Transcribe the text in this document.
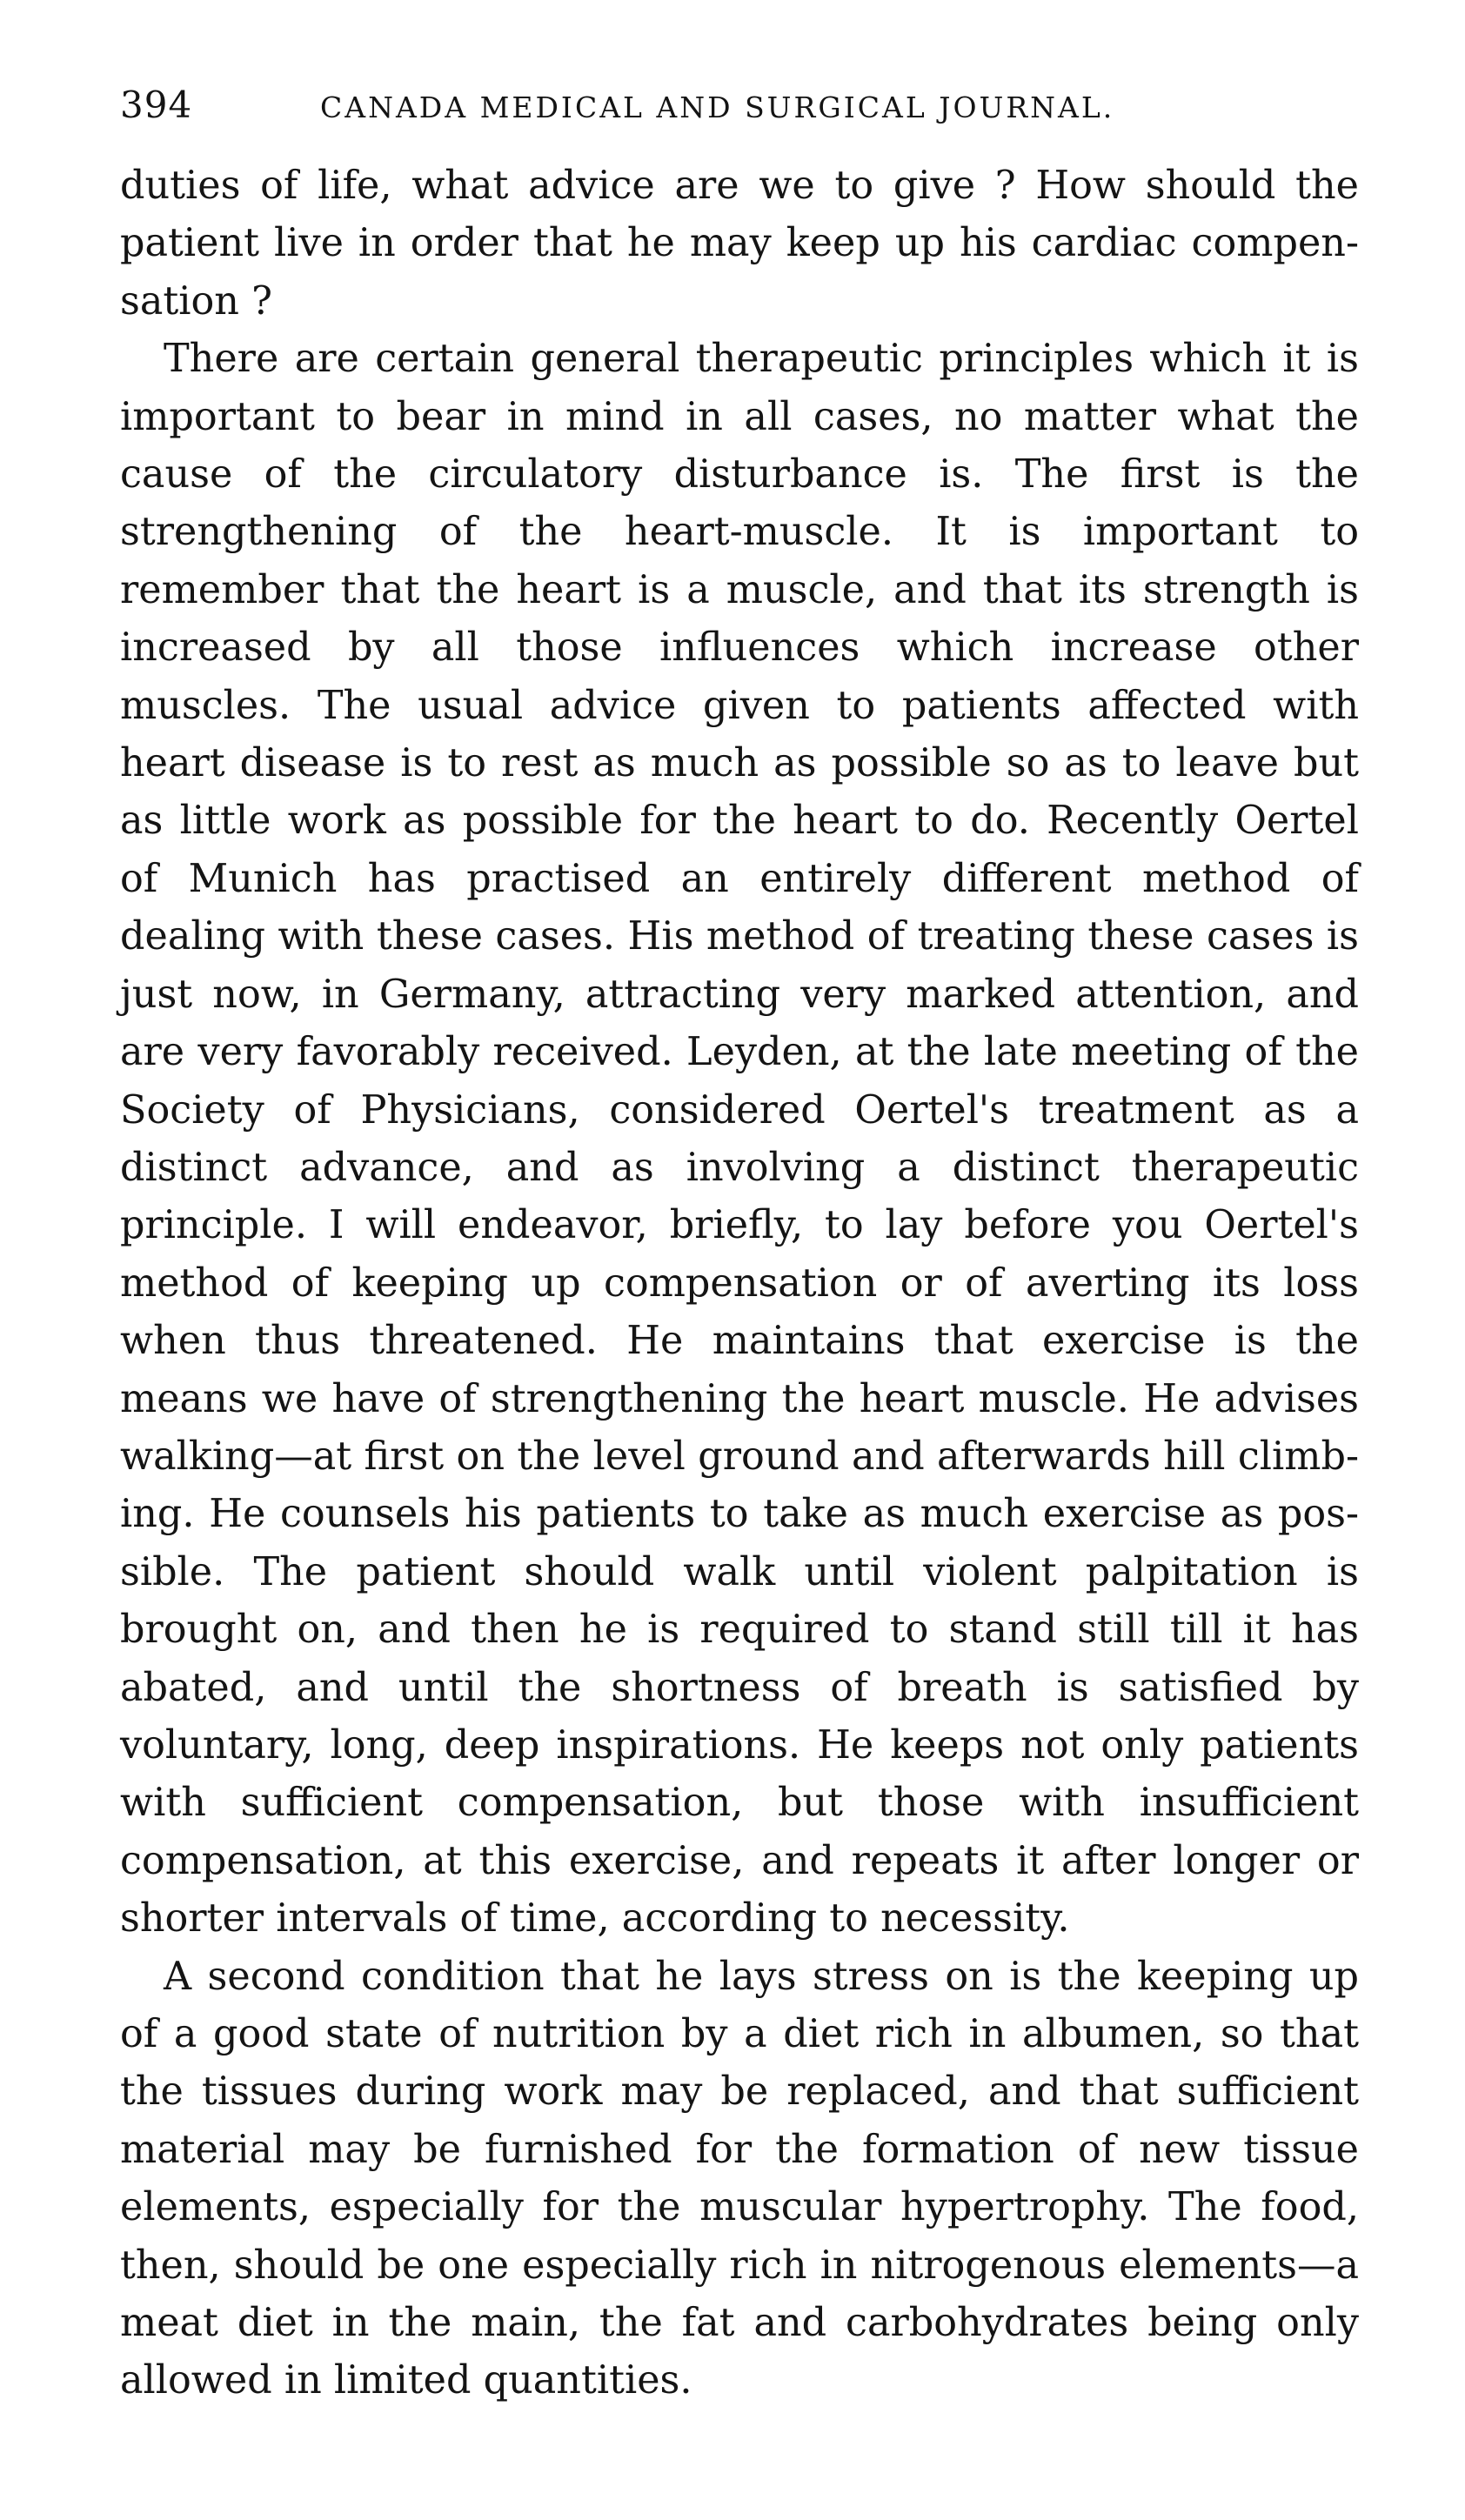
394	CANADA MEDICAL AND SURGICAL JOURNAL.

duties of life, what advice are we to give ? How should the patient live in order that he may keep up his cardiac compensation ?

There are certain general therapeutic principles which it is important to bear in mind in all cases, no matter what the cause of the circulatory disturbance is. The first is the strengthening of the heart-muscle. It is important to remember that the heart is a muscle, and that its strength is increased by all those influences which increase other muscles. The usual advice given to patients affected with heart disease is to rest as much as possible so as to leave but as little work as possible for the heart to do. Recently Oertel of Munich has practised an entirely different method of dealing with these cases. His method of treating these cases is just now, in Germany, attracting very marked attention, and are very favorably received. Leyden, at the late meeting of the Society of Physicians, considered Oertel's treatment as a distinct advance, and as involving a distinct therapeutic principle. I will endeavor, briefly, to lay before you Oertel's method of keeping up compensation or of averting its loss when thus threatened. He maintains that exercise is the means we have of strengthening the heart muscle. He advises walking—at first on the level ground and afterwards hill climbing. He counsels his patients to take as much exercise as possible. The patient should walk until violent palpitation is brought on, and then he is required to stand still till it has abated, and until the shortness of breath is satisfied by voluntary, long, deep inspirations. He keeps not only patients with sufficient compensation, but those with insufficient compensation, at this exercise, and repeats it after longer or shorter intervals of time, according to necessity.

A second condition that he lays stress on is the keeping up of a good state of nutrition by a diet rich in albumen, so that the tissues during work may be replaced, and that sufficient material may be furnished for the formation of new tissue elements, especially for the muscular hypertrophy. The food, then, should be one especially rich in nitrogenous elements—a meat diet in the main, the fat and carbohydrates being only allowed in limited quantities.
